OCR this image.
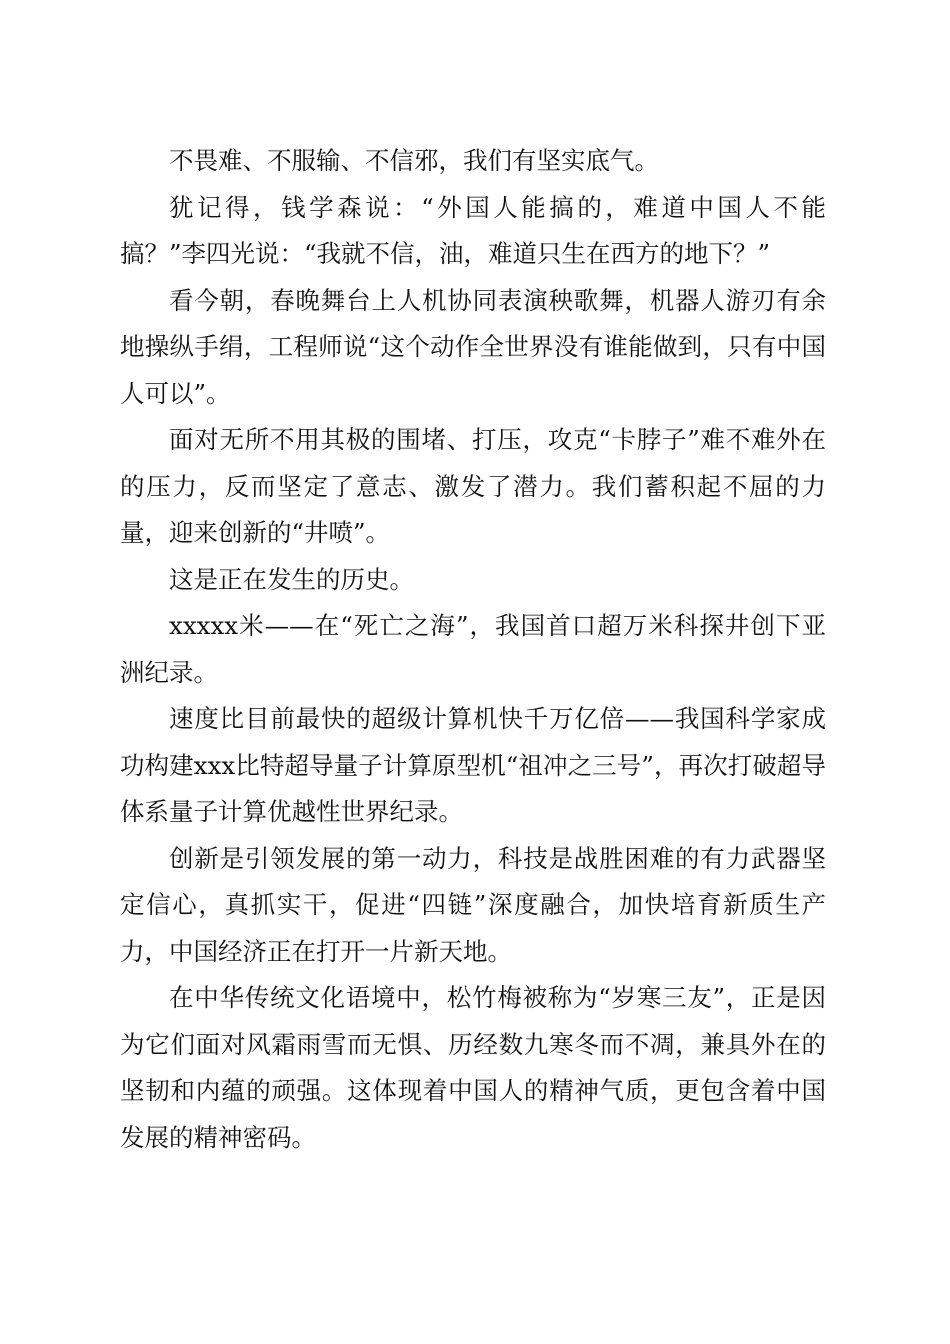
不畏难、不服输、不信邪，我们有坚实底气。

犹记得，钱学森说：“外国人能搞的，难道中国人不能搞？”李四光说：“我就不信，油，难道只生在西方的地下？”

看今朝，春晚舞台上人机协同表演秧歌舞，机器人游刃有余地操纵手绢，工程师说“这个动作全世界没有谁能做到，只有中国人可以”。

面对无所不用其极的围堵、打压，攻克“卡脖子”难不难外在的压力，反而坚定了意志、激发了潜力。我们蓄积起不屈的力量，迎来创新的“井喷”。

这是正在发生的历史。

xxxxx米——在“死亡之海”，我国首口超万米科探井创下亚洲纪录。

速度比目前最快的超级计算机快千万亿倍——我国科学家成功构建xxx比特超导量子计算原型机“祖冲之三号”，再次打破超导体系量子计算优越性世界纪录。

创新是引领发展的第一动力，科技是战胜困难的有力武器坚定信心，真抓实干，促进“四链”深度融合，加快培育新质生产力，中国经济正在打开一片新天地。

在中华传统文化语境中，松竹梅被称为“岁寒三友”，正是因为它们面对风霜雨雪而无惧、历经数九寒冬而不凋，兼具外在的坚韧和内蕴的顽强。这体现着中国人的精神气质，更包含着中国发展的精神密码。
